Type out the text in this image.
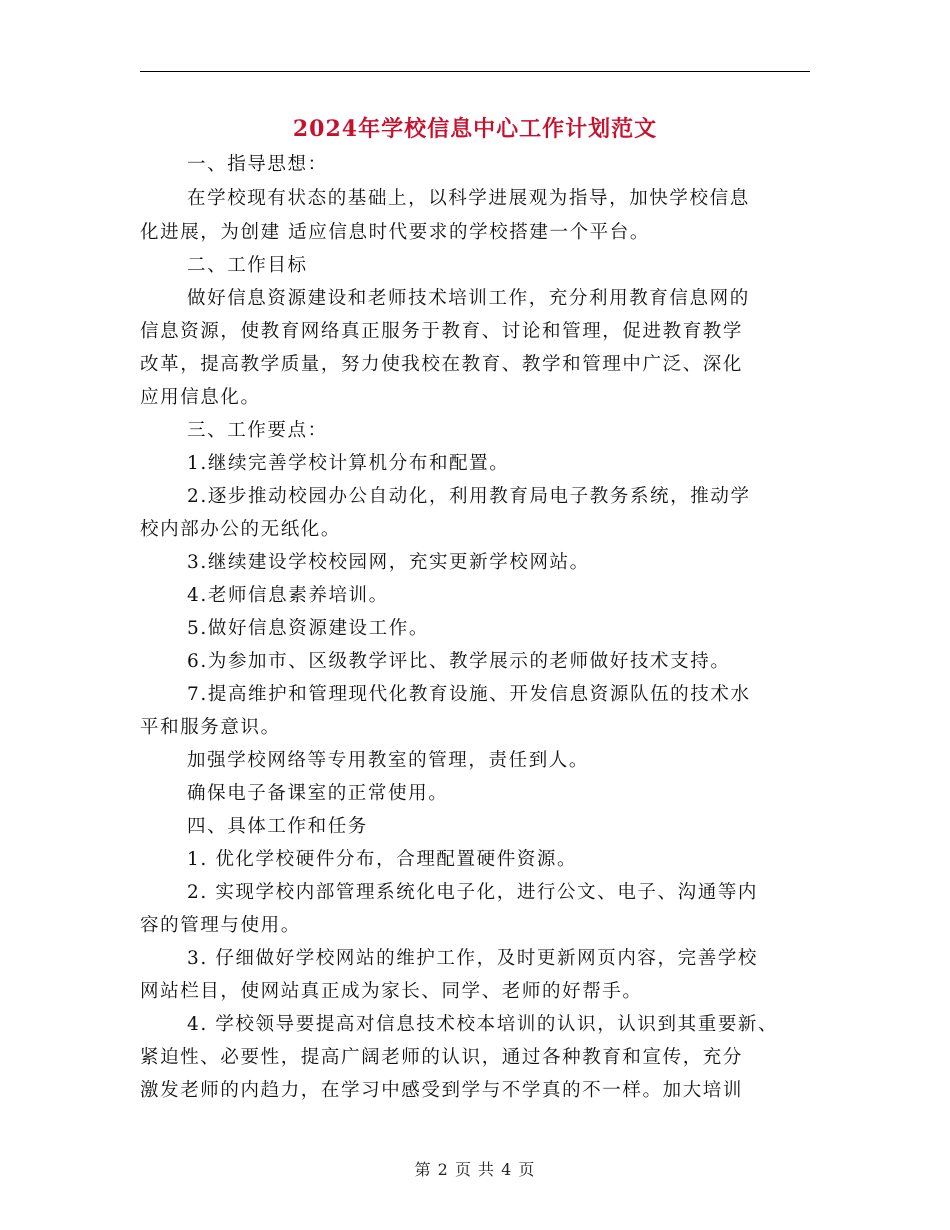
2024年学校信息中心工作计划范文
一、指导思想：
在学校现有状态的基础上，以科学进展观为指导，加快学校信息
化进展，为创建 适应信息时代要求的学校搭建一个平台。
二、工作目标
做好信息资源建设和老师技术培训工作，充分利用教育信息网的
信息资源，使教育网络真正服务于教育、讨论和管理，促进教育教学
改革，提高教学质量，努力使我校在教育、教学和管理中广泛、深化
应用信息化。
三、工作要点：
1.继续完善学校计算机分布和配置。
2.逐步推动校园办公自动化，利用教育局电子教务系统，推动学
校内部办公的无纸化。
3.继续建设学校校园网，充实更新学校网站。
4.老师信息素养培训。
5.做好信息资源建设工作。
6.为参加市、区级教学评比、教学展示的老师做好技术支持。
7.提高维护和管理现代化教育设施、开发信息资源队伍的技术水
平和服务意识。
加强学校网络等专用教室的管理，责任到人。
确保电子备课室的正常使用。
四、具体工作和任务
1. 优化学校硬件分布，合理配置硬件资源。
2. 实现学校内部管理系统化电子化，进行公文、电子、沟通等内
容的管理与使用。
3. 仔细做好学校网站的维护工作，及时更新网页内容，完善学校
网站栏目，使网站真正成为家长、同学、老师的好帮手。
4. 学校领导要提高对信息技术校本培训的认识，认识到其重要新、
紧迫性、必要性，提高广阔老师的认识，通过各种教育和宣传，充分
激发老师的内趋力，在学习中感受到学与不学真的不一样。加大培训
第 2 页 共 4 页
